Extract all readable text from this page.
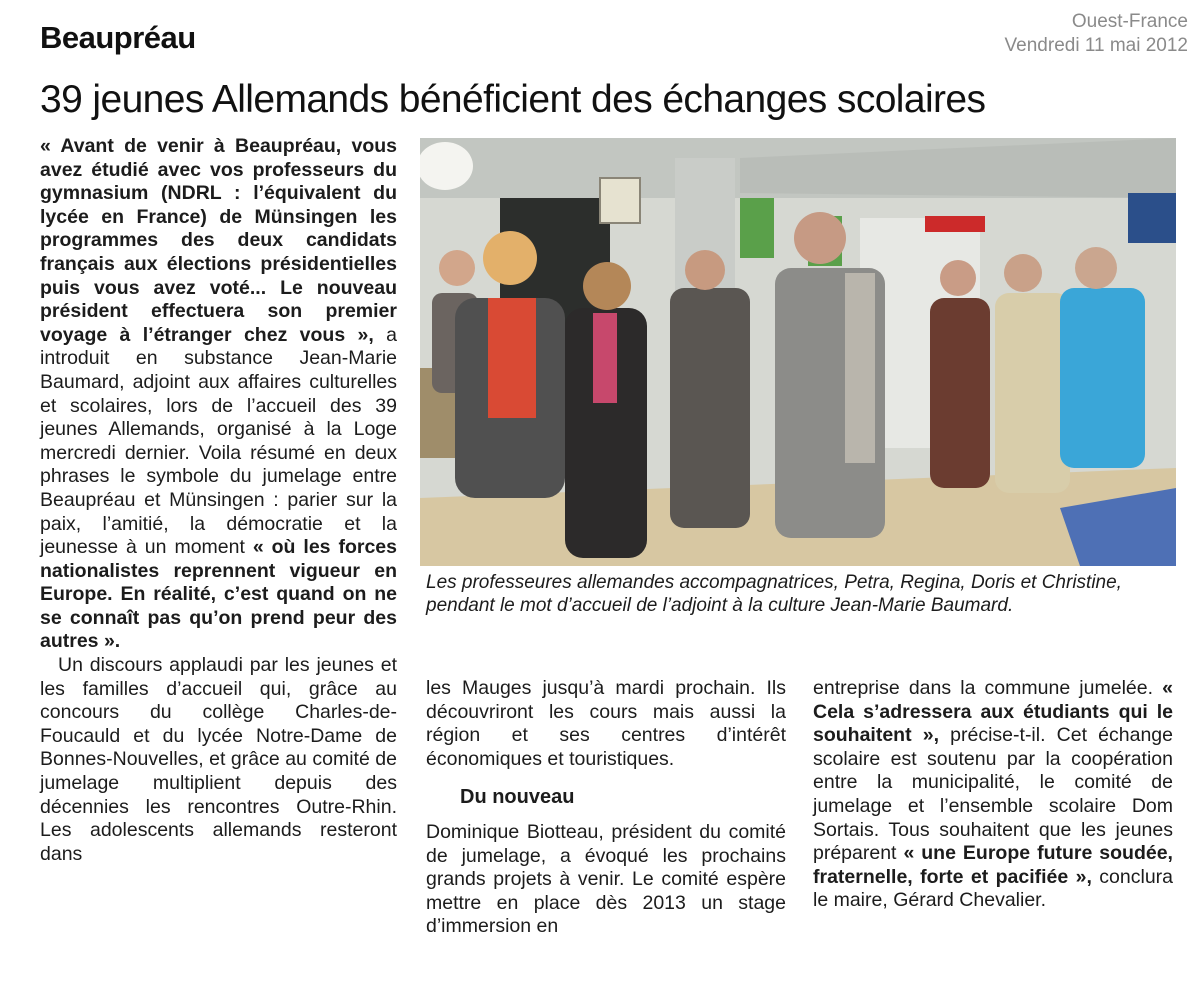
Beaupréau	Ouest-France
Vendredi 11 mai 2012
39 jeunes Allemands bénéficient des échanges scolaires

« Avant de venir à Beaupréau, vous avez étudié avec vos professeurs du gymnasium (NDRL : l’équivalent du lycée en France) de Münsingen les programmes des deux candidats français aux élections présidentielles puis vous avez voté... Le nouveau président effectuera son premier voyage à l’étranger chez vous », a introduit en substance Jean-Marie Baumard, adjoint aux affaires culturelles et scolaires, lors de l’accueil des 39 jeunes Allemands, organisé à la Loge mercredi dernier. Voila résumé en deux phrases le symbole du jumelage entre Beaupréau et Münsingen : parier sur la paix, l’amitié, la démocratie et la jeunesse à un moment « où les forces nationalistes reprennent vigueur en Europe. En réalité, c’est quand on ne se connaît pas qu’on prend peur des autres ».

Un discours applaudi par les jeunes et les familles d’accueil qui, grâce au concours du collège Charles-de-Foucauld et du lycée Notre-Dame de Bonnes-Nouvelles, et grâce au comité de jumelage multiplient depuis des décennies les rencontres Outre-Rhin. Les adolescents allemands resteront dans

Les professeures allemandes accompagnatrices, Petra, Regina, Doris et Christine, pendant le mot d’accueil de l’adjoint à la culture Jean-Marie Baumard.

les Mauges jusqu’à mardi prochain. Ils découvriront les cours mais aussi la région et ses centres d’intérêt économiques et touristiques.

Du nouveau

Dominique Biotteau, président du comité de jumelage, a évoqué les prochains grands projets à venir. Le comité espère mettre en place dès 2013 un stage d’immersion en

entreprise dans la commune jumelée. « Cela s’adressera aux étudiants qui le souhaitent », précise-t-il. Cet échange scolaire est soutenu par la coopération entre la municipalité, le comité de jumelage et l’ensemble scolaire Dom Sortais. Tous souhaitent que les jeunes préparent « une Europe future soudée, fraternelle, forte et pacifiée », conclura le maire, Gérard Chevalier.
